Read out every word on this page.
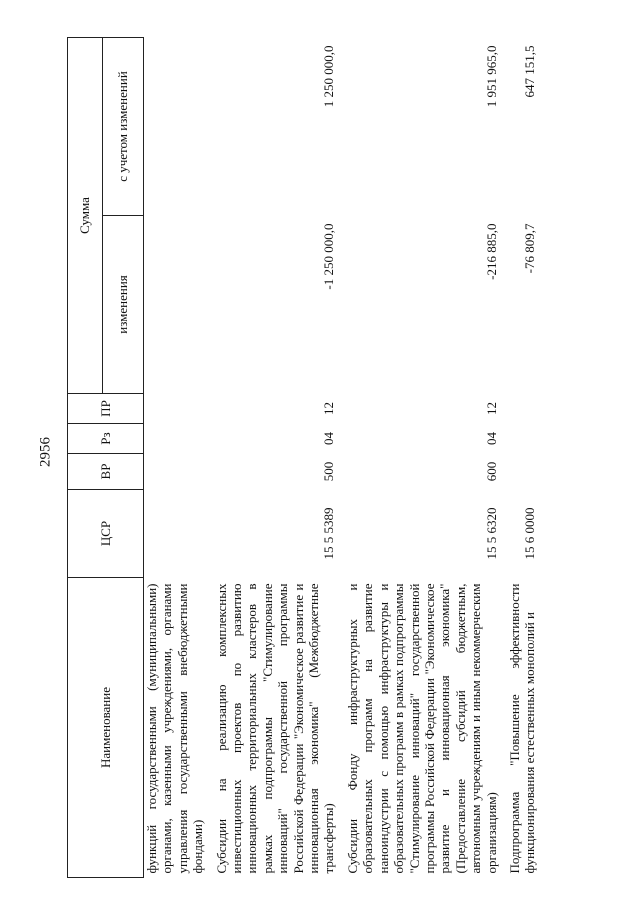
2956
Наименование	ЦСР	ВР	Рз	ПР	Сумма	
					изменения	с учетом изменений
функций государственными (муниципальными) органами, казенными учреждениями, органами управления государственными внебюджетными фондами)						
Субсидии на реализацию комплексных инвестиционных проектов по развитию инновационных территориальных кластеров в рамках подпрограммы "Стимулирование инноваций" государственной программы Российской Федерации "Экономическое развитие и инновационная экономика" (Межбюджетные трансферты)	15 5 5389	500	04	12	-1 250 000,0	1 250 000,0
Субсидии Фонду инфраструктурных и образовательных программ на развитие наноиндустрии с помощью инфраструктуры и образовательных программ в рамках подпрограммы "Стимулирование инноваций" государственной программы Российской Федерации "Экономическое развитие и инновационная экономика" (Предоставление субсидий бюджетным, автономным учреждениям и иным некоммерческим организациям)	15 5 6320	600	04	12	-216 885,0	1 951 965,0
Подпрограмма "Повышение эффективности функционирования естественных монополий и	15 6 0000				-76 809,7	647 151,5
